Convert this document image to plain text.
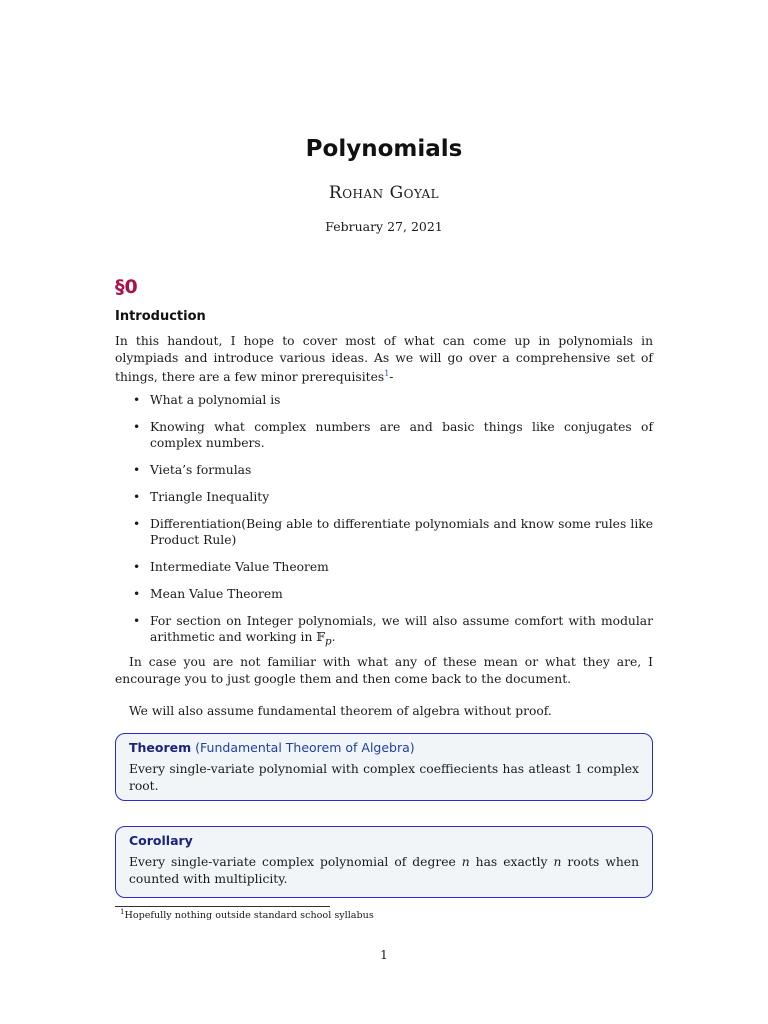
Polynomials
Rohan Goyal
February 27, 2021
§0
Introduction
In this handout, I hope to cover most of what can come up in polynomials in olympiads and introduce various ideas. As we will go over a comprehensive set of things, there are a few minor prerequisites$^1$-
• What a polynomial is
• Knowing what complex numbers are and basic things like conjugates of complex numbers.
• Vieta’s formulas
• Triangle Inequality
• Differentiation(Being able to differentiate polynomials and know some rules like Product Rule)
• Intermediate Value Theorem
• Mean Value Theorem
• For section on Integer polynomials, we will also assume comfort with modular arithmetic and working in 𝔽$_p$.
In case you are not familiar with what any of these mean or what they are, I encourage you to just google them and then come back to the document.
We will also assume fundamental theorem of algebra without proof.
Theorem (Fundamental Theorem of Algebra)
Every single-variate polynomial with complex coeffiecients has atleast 1 complex root.
Corollary
Every single-variate complex polynomial of degree n has exactly n roots when counted with multiplicity.
$^1$Hopefully nothing outside standard school syllabus
1
